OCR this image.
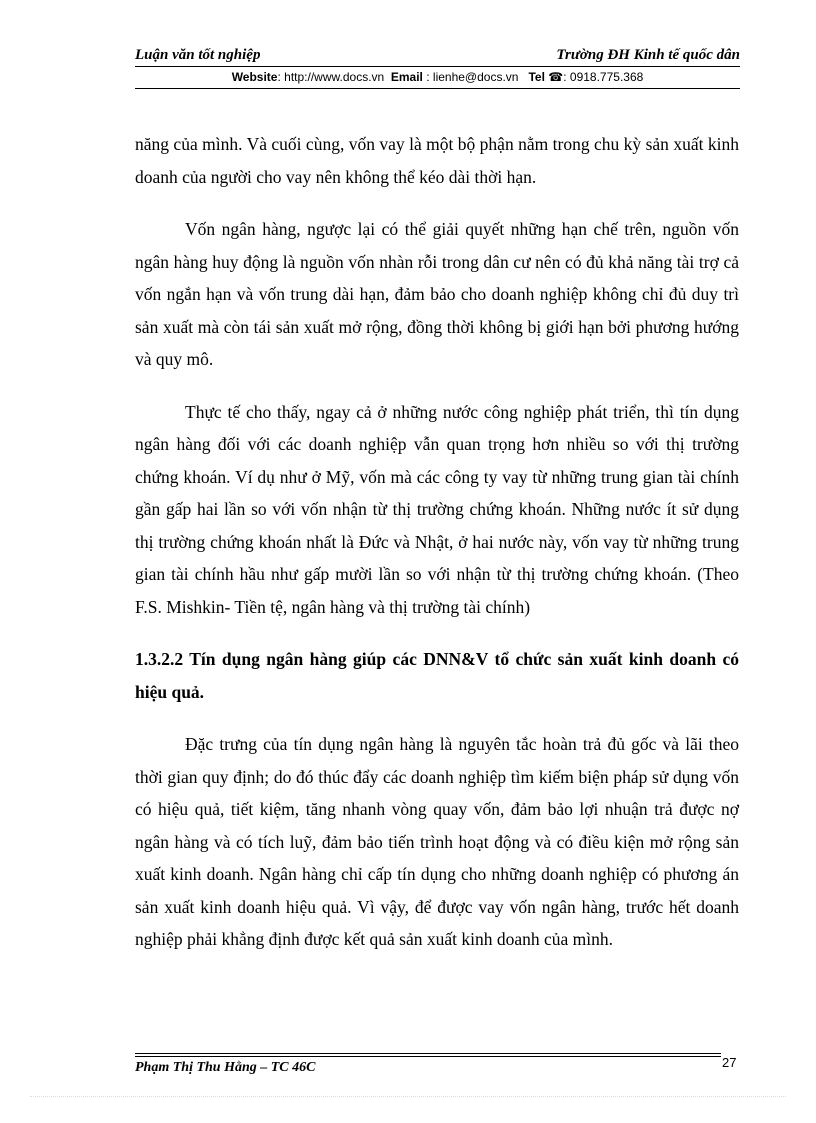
Luận văn tốt nghiệp	Trường ĐH Kinh tế quốc dân
Website: http://www.docs.vn Email : lienhe@docs.vn Tel ☎: 0918.775.368

năng của mình. Và cuối cùng, vốn vay là một bộ phận nằm trong chu kỳ sản xuất kinh doanh của người cho vay nên không thể kéo dài thời hạn.

Vốn ngân hàng, ngược lại có thể giải quyết những hạn chế trên, nguồn vốn ngân hàng huy động là nguồn vốn nhàn rỗi trong dân cư nên có đủ khả năng tài trợ cả vốn ngắn hạn và vốn trung dài hạn, đảm bảo cho doanh nghiệp không chỉ đủ duy trì sản xuất mà còn tái sản xuất mở rộng, đồng thời không bị giới hạn bởi phương hướng và quy mô.

Thực tế cho thấy, ngay cả ở những nước công nghiệp phát triển, thì tín dụng ngân hàng đối với các doanh nghiệp vẫn quan trọng hơn nhiều so với thị trường chứng khoán. Ví dụ như ở Mỹ, vốn mà các công ty vay từ những trung gian tài chính gần gấp hai lần so với vốn nhận từ thị trường chứng khoán. Những nước ít sử dụng thị trường chứng khoán nhất là Đức và Nhật, ở hai nước này, vốn vay từ những trung gian tài chính hầu như gấp mười lần so với nhận từ thị trường chứng khoán. (Theo F.S. Mishkin- Tiền tệ, ngân hàng và thị trường tài chính)

1.3.2.2 Tín dụng ngân hàng giúp các DNN&V tổ chức sản xuất kinh doanh có hiệu quả.

Đặc trưng của tín dụng ngân hàng là nguyên tắc hoàn trả đủ gốc và lãi theo thời gian quy định; do đó thúc đẩy các doanh nghiệp tìm kiếm biện pháp sử dụng vốn có hiệu quả, tiết kiệm, tăng nhanh vòng quay vốn, đảm bảo lợi nhuận trả được nợ ngân hàng và có tích luỹ, đảm bảo tiến trình hoạt động và có điều kiện mở rộng sản xuất kinh doanh. Ngân hàng chỉ cấp tín dụng cho những doanh nghiệp có phương án sản xuất kinh doanh hiệu quả. Vì vậy, để được vay vốn ngân hàng, trước hết doanh nghiệp phải khẳng định được kết quả sản xuất kinh doanh của mình.

Phạm Thị Thu Hằng – TC 46C	27
